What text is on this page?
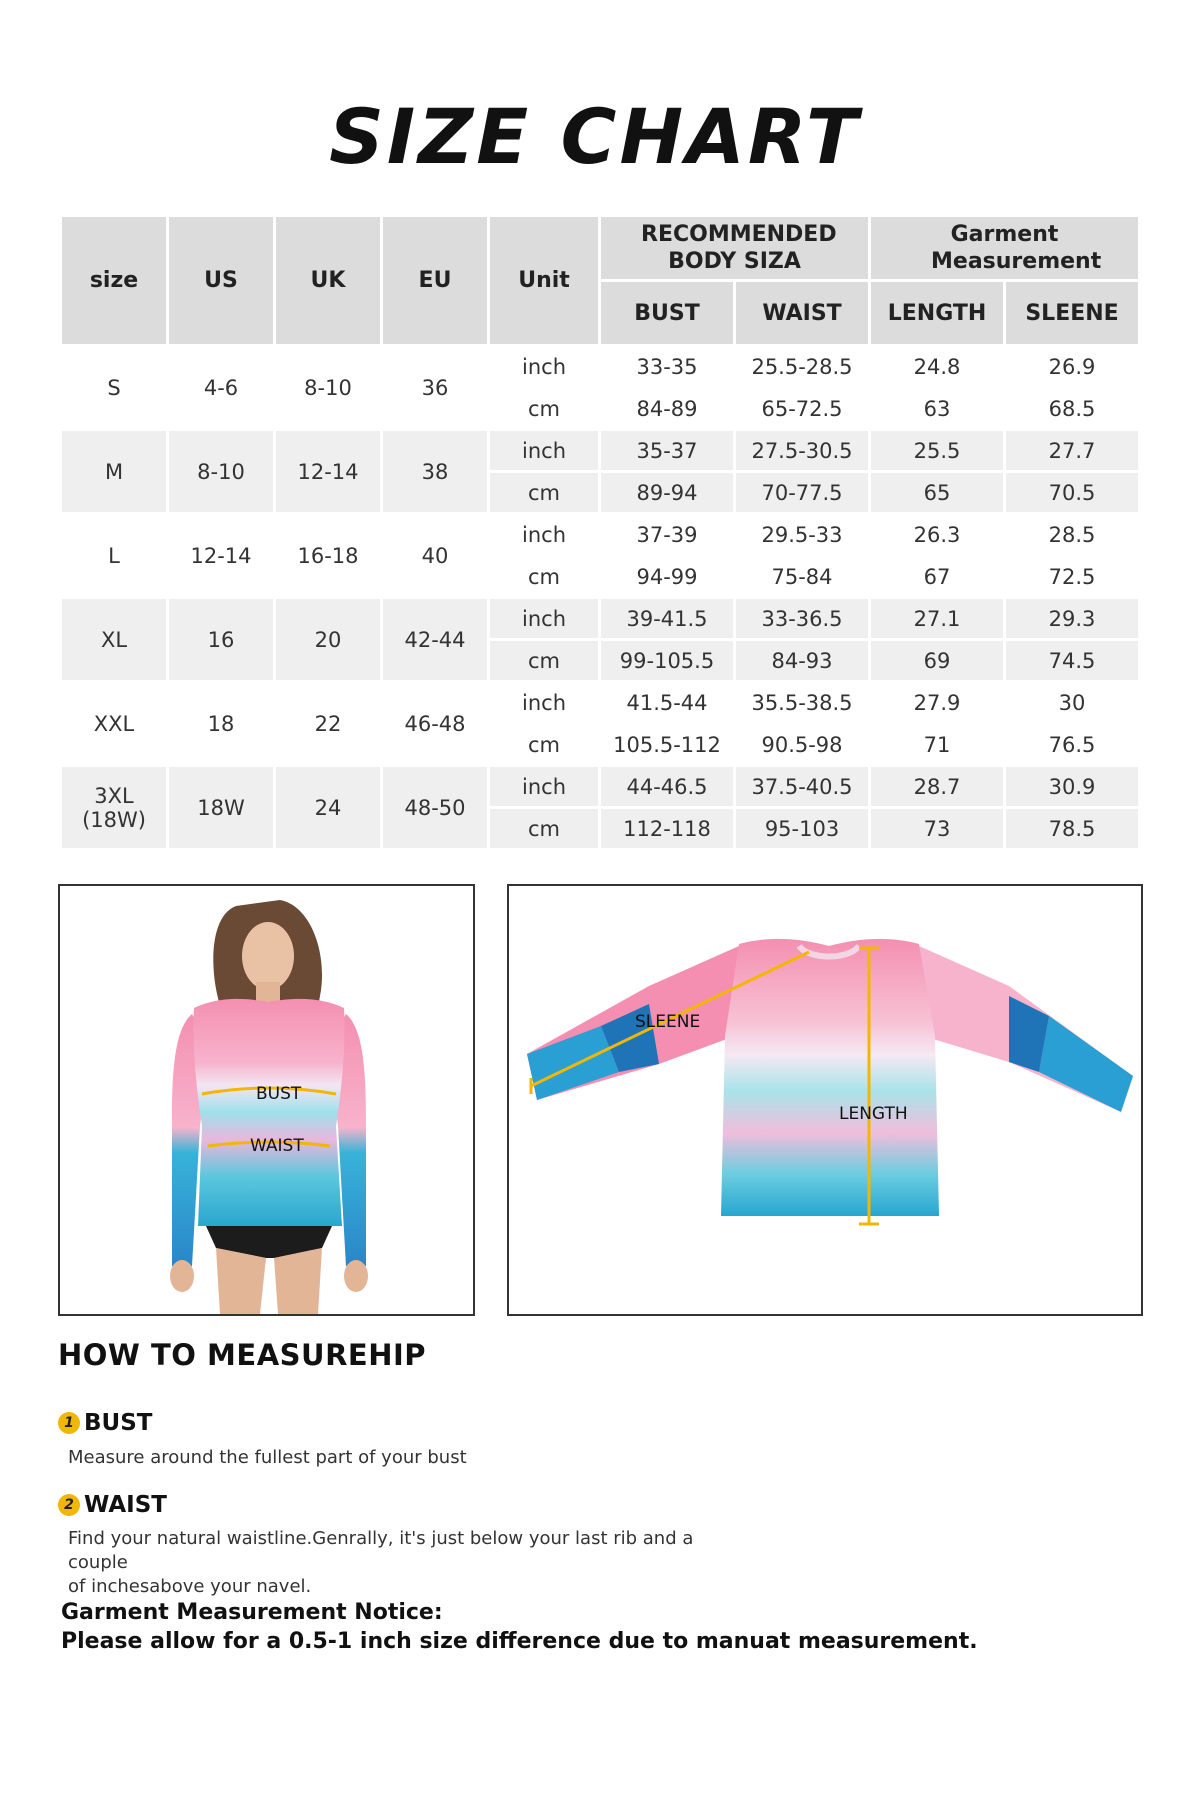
SIZE CHART
size	US	UK	EU	Unit	RECOMMENDED BODY SIZA		Garment Measurement	
					BUST	WAIST	LENGTH	SLEENE
S	4-6	8-10	36	inch	33-35	25.5-28.5	24.8	26.9
				cm	84-89	65-72.5	63	68.5
M	8-10	12-14	38	inch	35-37	27.5-30.5	25.5	27.7
				cm	89-94	70-77.5	65	70.5
L	12-14	16-18	40	inch	37-39	29.5-33	26.3	28.5
				cm	94-99	75-84	67	72.5
XL	16	20	42-44	inch	39-41.5	33-36.5	27.1	29.3
				cm	99-105.5	84-93	69	74.5
XXL	18	22	46-48	inch	41.5-44	35.5-38.5	27.9	30
				cm	105.5-112	90.5-98	71	76.5

3XL
(18W)	18W	24	48-50	inch	44-46.5	37.5-40.5	28.7	30.9
				cm	112-118	95-103	73	78.5
BUST
WAIST
SLEENE
LENGTH
HOW TO MEASUREHIP
1 BUST
Measure around the fullest part of your bust
2 WAIST
Find your natural waistline.Genrally, it's just below your last rib and a couple
of inchesabove your navel.
Garment Measurement Notice:
Please allow for a 0.5-1 inch size difference due to manuat measurement.
